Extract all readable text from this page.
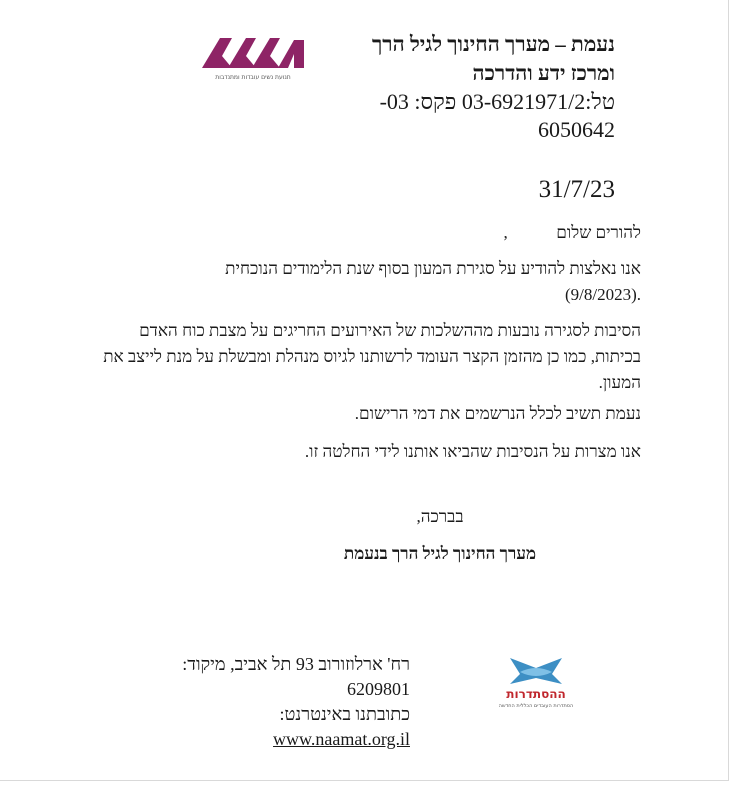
תנועת נשים עובדות ומתנדבות
נעמת – מערך החינוך לגיל הרך
ומרכז ידע והדרכה
טל:03-6921971/2 פקס: 03-
6050642
31/7/23
להורים שלום  ,
אנו נאלצות להודיע על סגירת המעון בסוף שנת הלימודים הנוכחית
(9/8/2023).
הסיבות לסגירה נובעות מההשלכות של האירועים החריגים על מצבת כוח האדם בכיתות, כמו כן מהזמן הקצר העומד לרשותנו לגיוס מנהלת ומבשלת על מנת לייצב את המעון.
נעמת תשיב לכלל הנרשמים את דמי הרישום.
אנו מצרות על הנסיבות שהביאו אותנו לידי החלטה זו.
בברכה,
מערך החינוך לגיל הרך בנעמת
רח' ארלוזורוב 93 תל אביב, מיקוד:
6209801
כתובתנו באינטרנט:
www.naamat.org.il
ההסתדרות
הסתדרות העובדים הכללית החדשה
